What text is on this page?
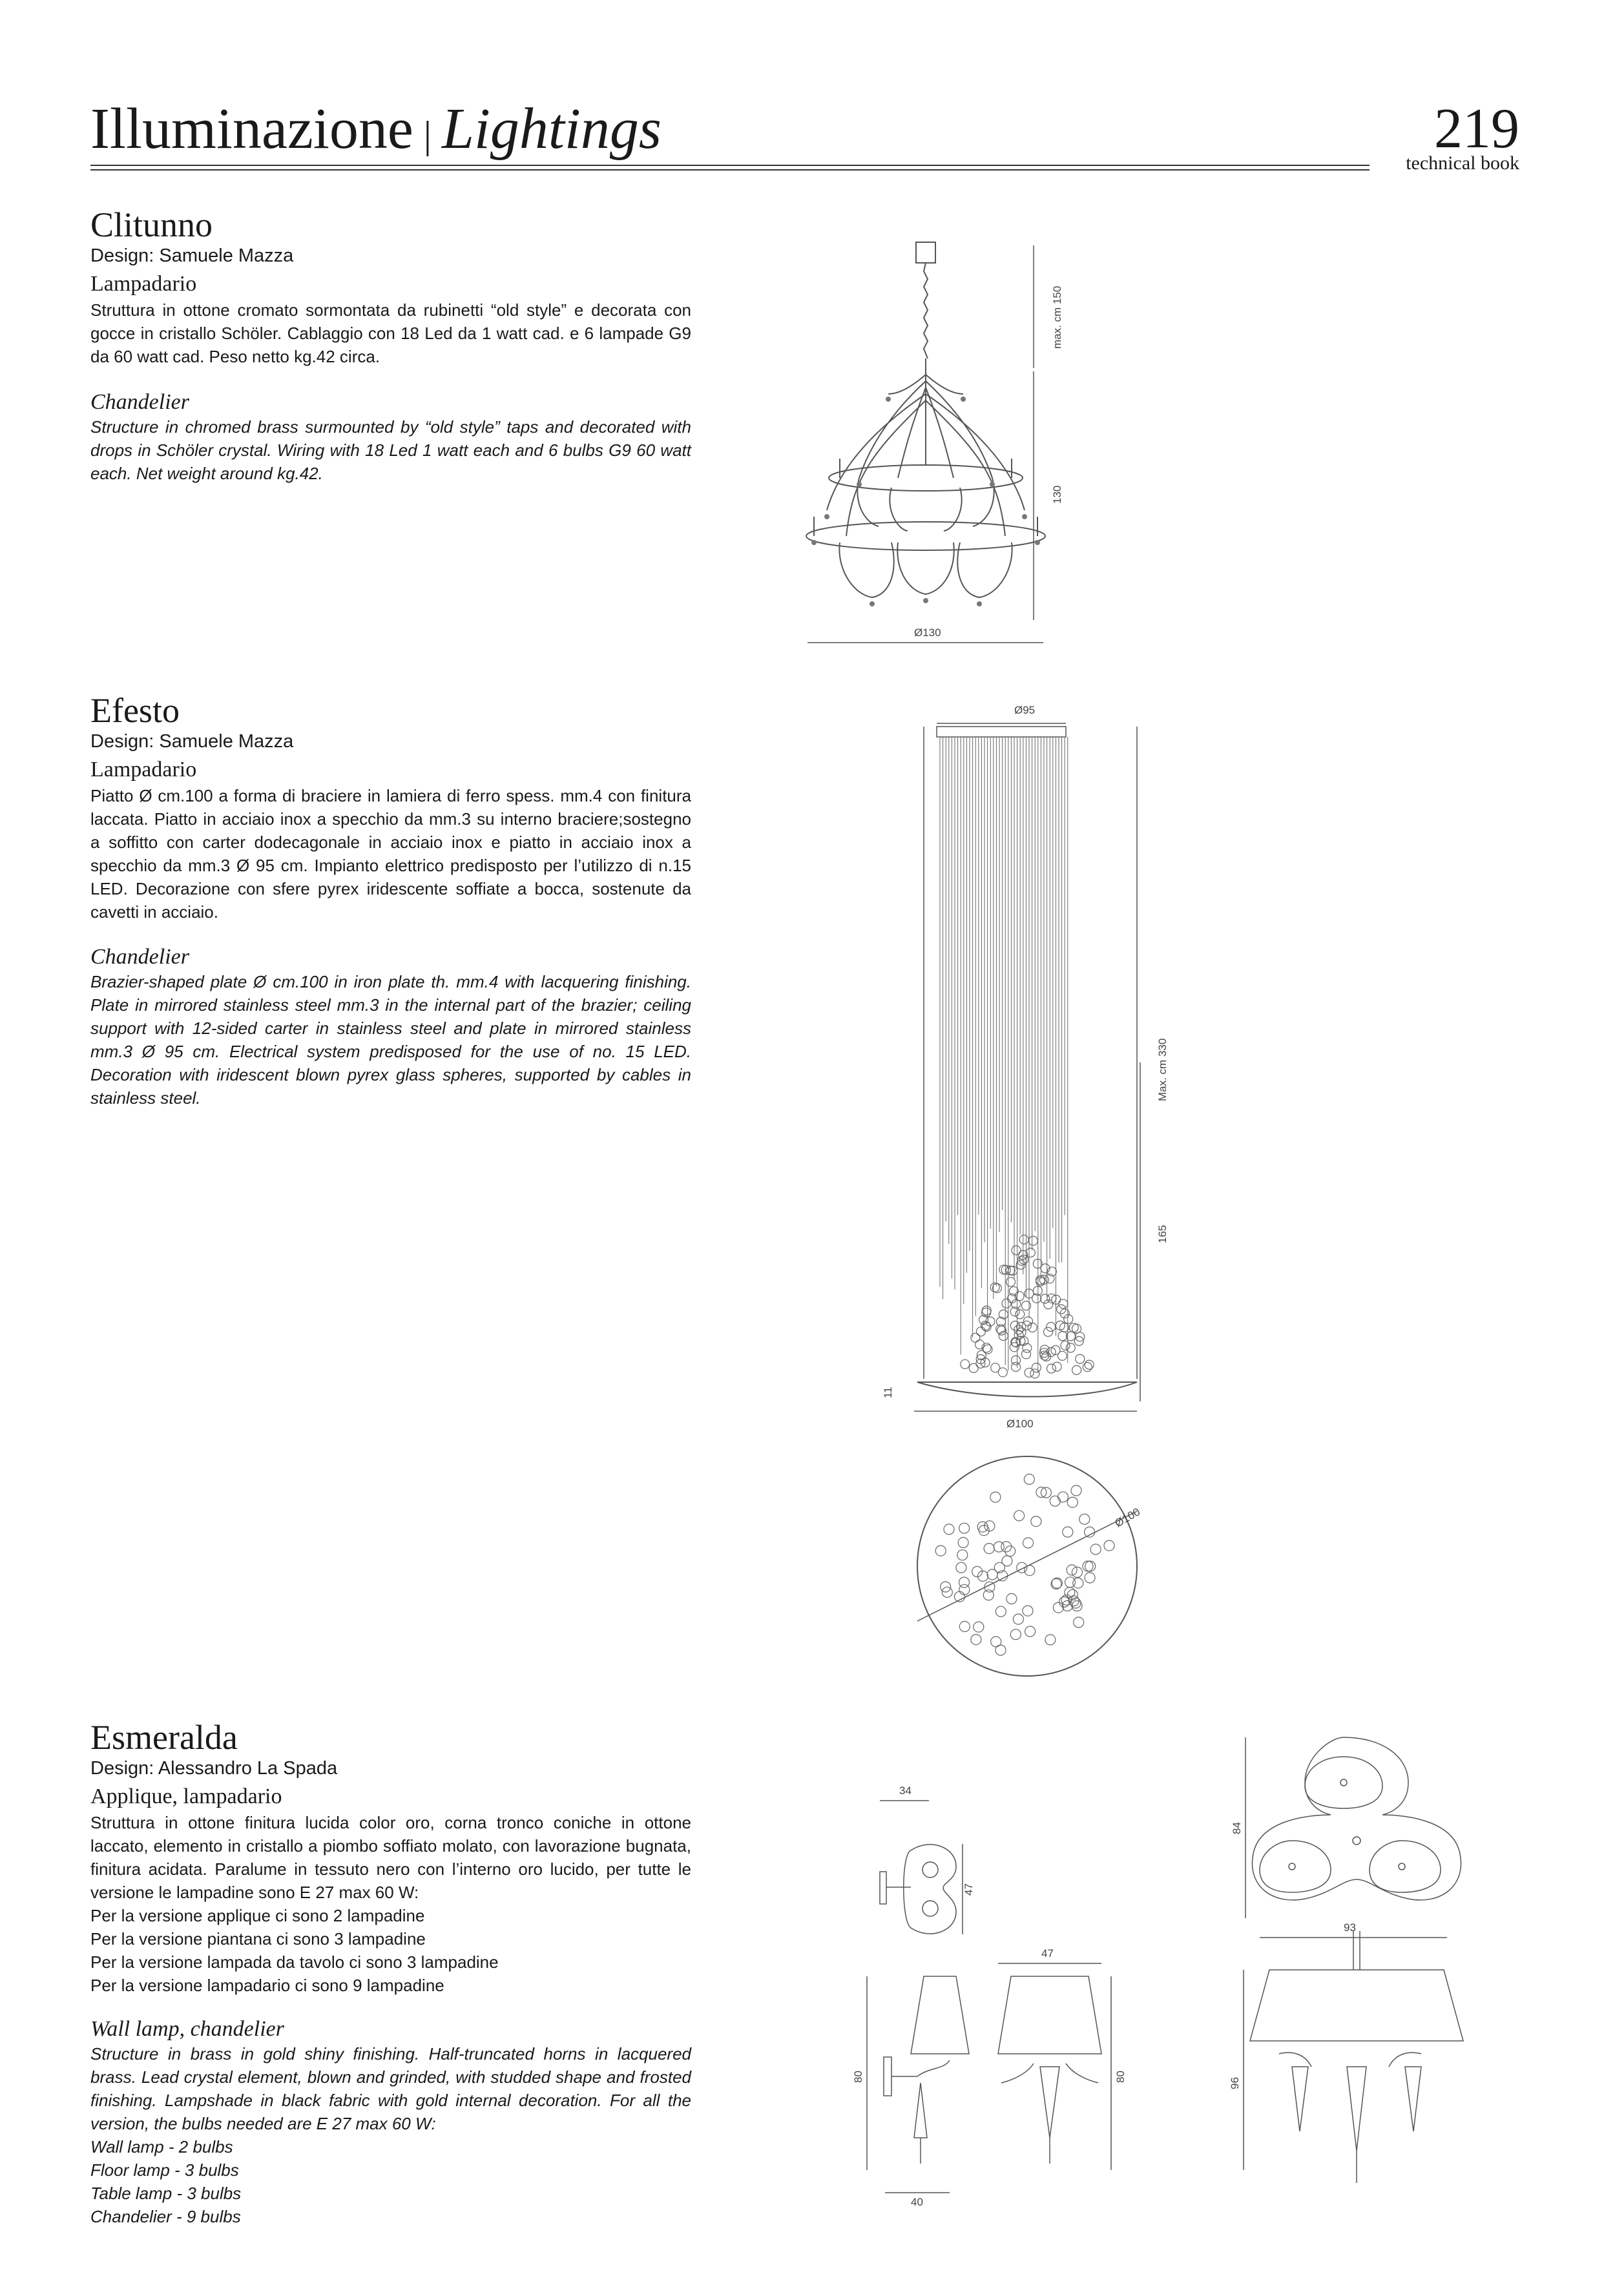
Illuminazione | Lightings	219
technical book
Clitunno
Design: Samuele Mazza
Lampadario

Struttura in ottone cromato sormontata da rubinetti “old style” e decorata con gocce in cristallo Schöler. Cablaggio con 18 Led da 1 watt cad. e 6 lampade G9 da 60 watt cad. Peso netto kg.42 circa.

Chandelier

Structure in chromed brass surmounted by “old style” taps and decorated with drops in Schöler crystal. Wiring with 18 Led 1 watt each and 6 bulbs G9 60 watt each. Net weight around kg.42.

max. cm 150
130
Ø130
Efesto
Design: Samuele Mazza
Lampadario

Piatto Ø cm.100 a forma di braciere in lamiera di ferro spess. mm.4 con finitura laccata. Piatto in acciaio inox a specchio da mm.3 su interno braciere;sostegno a soffitto con carter dodecagonale in acciaio inox e piatto in acciaio inox a specchio da mm.3 Ø 95 cm. Impianto elettrico predisposto per l’utilizzo di n.15 LED. Decorazione con sfere pyrex iridescente soffiate a bocca, sostenute da cavetti in acciaio.

Chandelier

Brazier-shaped plate Ø cm.100 in iron plate th. mm.4 with lacquering finishing. Plate in mirrored stainless steel mm.3 in the internal part of the brazier; ceiling support with 12-sided carter in stainless steel and plate in mirrored stainless mm.3 Ø 95 cm. Electrical system predisposed for the use of no. 15 LED. Decoration with iridescent blown pyrex glass spheres, supported by cables in stainless steel.

Ø95
Max. cm 330
165
11
Ø100
Ø100
Esmeralda
Design: Alessandro La Spada
Applique, lampadario

Struttura in ottone finitura lucida color oro, corna tronco coniche in ottone laccato, elemento in cristallo a piombo soffiato molato, con lavorazione bugnata, finitura acidata. Paralume in tessuto nero con l’interno oro lucido, per tutte le versione le lampadine sono E 27 max 60 W:
Per la versione applique ci sono 2 lampadine
Per la versione piantana ci sono 3 lampadine
Per la versione lampada da tavolo ci sono 3 lampadine
Per la versione lampadario ci sono 9 lampadine

Wall lamp, chandelier

Structure in brass in gold shiny finishing. Half-truncated horns in lacquered brass. Lead crystal element, blown and grinded, with studded shape and frosted finishing. Lampshade in black fabric with gold internal decoration. For all the version, the bulbs needed are E 27 max 60 W:
Wall lamp - 2 bulbs
Floor lamp - 3 bulbs
Table lamp - 3 bulbs
Chandelier - 9 bulbs

34
47
47
80	80
40
84
93
96
